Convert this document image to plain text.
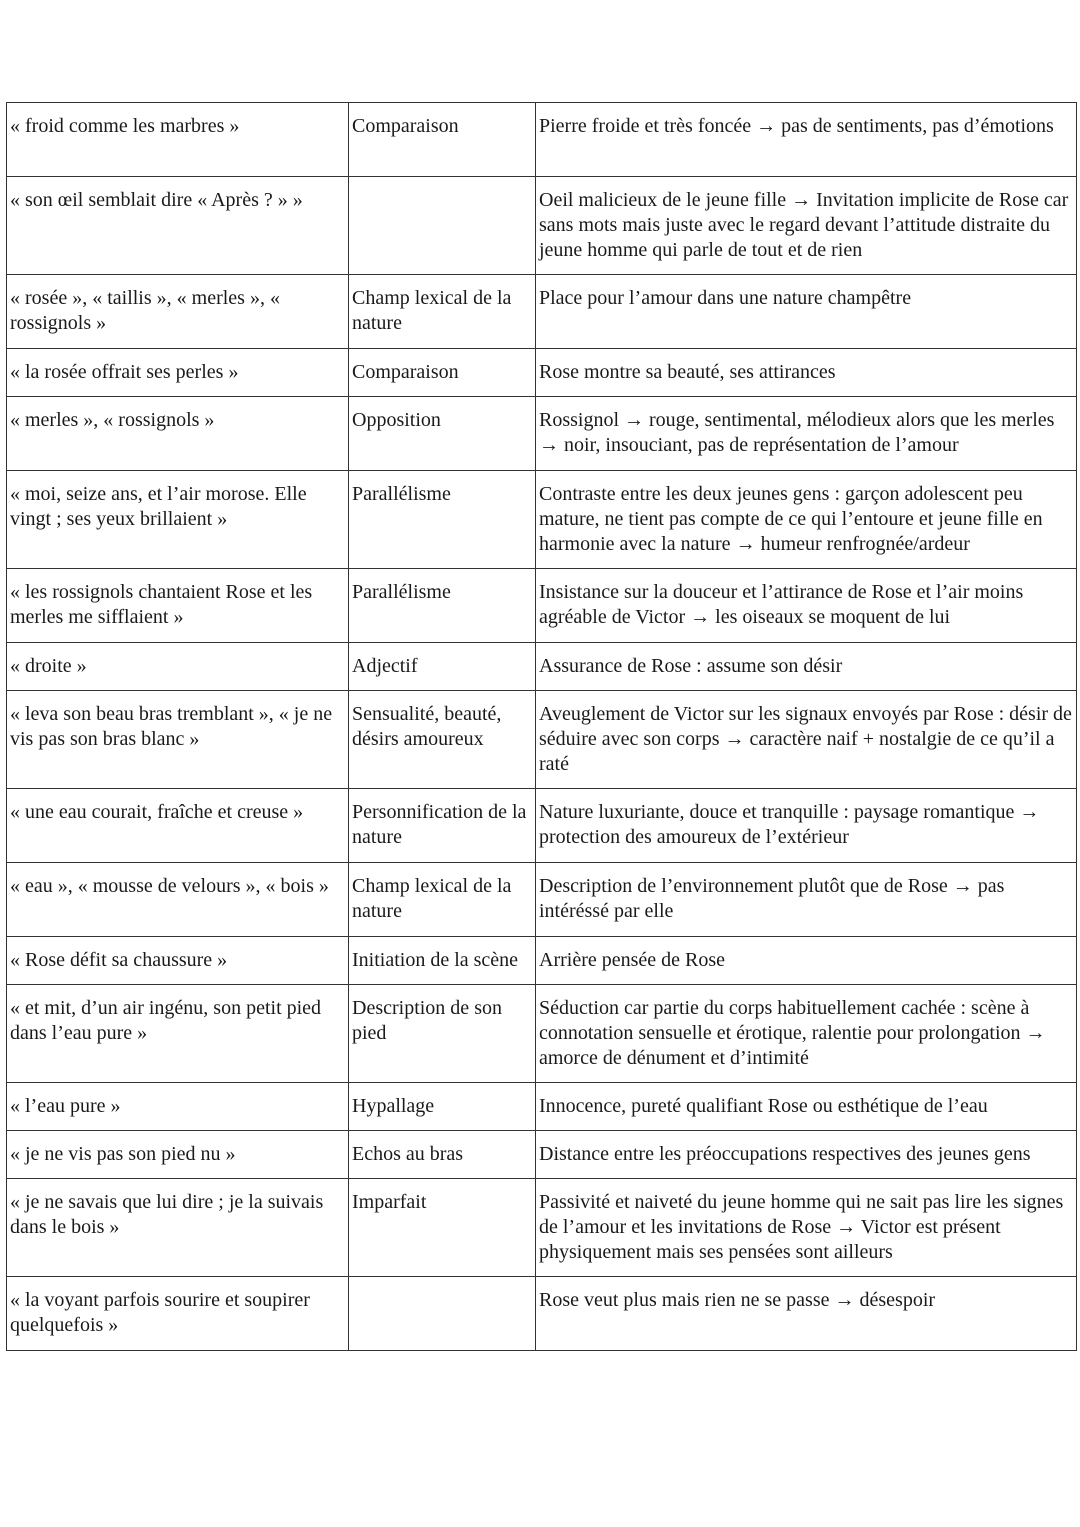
« froid comme les marbres »	Comparaison	Pierre froide et très foncée → pas de sentiments, pas d’émotions
« son œil semblait dire « Après ? » »		Oeil malicieux de le jeune fille → Invitation implicite de Rose car sans mots mais juste avec le regard devant l’attitude distraite du jeune homme qui parle de tout et de rien
« rosée », « taillis », « merles », « rossignols »	Champ lexical de la nature	Place pour l’amour dans une nature champêtre
« la rosée offrait ses perles »	Comparaison	Rose montre sa beauté, ses attirances
« merles », « rossignols »	Opposition	Rossignol → rouge, sentimental, mélodieux alors que les merles → noir, insouciant, pas de représentation de l’amour
« moi, seize ans, et l’air morose. Elle vingt ; ses yeux brillaient »	Parallélisme	Contraste entre les deux jeunes gens : garçon adolescent peu mature, ne tient pas compte de ce qui l’entoure et jeune fille en harmonie avec la nature → humeur renfrognée/ardeur
« les rossignols chantaient Rose et les merles me sifflaient »	Parallélisme	Insistance sur la douceur et l’attirance de Rose et l’air moins agréable de Victor → les oiseaux se moquent de lui
« droite »	Adjectif	Assurance de Rose : assume son désir
« leva son beau bras tremblant », « je ne vis pas son bras blanc »	Sensualité, beauté, désirs amoureux	Aveuglement de Victor sur les signaux envoyés par Rose : désir de séduire avec son corps → caractère naif + nostalgie de ce qu’il a raté
« une eau courait, fraîche et creuse »	Personnification de la nature	Nature luxuriante, douce et tranquille : paysage romantique → protection des amoureux de l’extérieur
« eau », « mousse de velours », « bois »	Champ lexical de la nature	Description de l’environnement plutôt que de Rose → pas intéréssé par elle
« Rose défit sa chaussure »	Initiation de la scène	Arrière pensée de Rose
« et mit, d’un air ingénu, son petit pied dans l’eau pure »	Description de son pied	Séduction car partie du corps habituellement cachée : scène à connotation sensuelle et érotique, ralentie pour prolongation → amorce de dénument et d’intimité
« l’eau pure »	Hypallage	Innocence, pureté qualifiant Rose ou esthétique de l’eau
« je ne vis pas son pied nu »	Echos au bras	Distance entre les préoccupations respectives des jeunes gens
« je ne savais que lui dire ; je la suivais dans le bois »	Imparfait	Passivité et naiveté du jeune homme qui ne sait pas lire les signes de l’amour et les invitations de Rose → Victor est présent physiquement mais ses pensées sont ailleurs
« la voyant parfois sourire et soupirer quelquefois »		Rose veut plus mais rien ne se passe → désespoir
